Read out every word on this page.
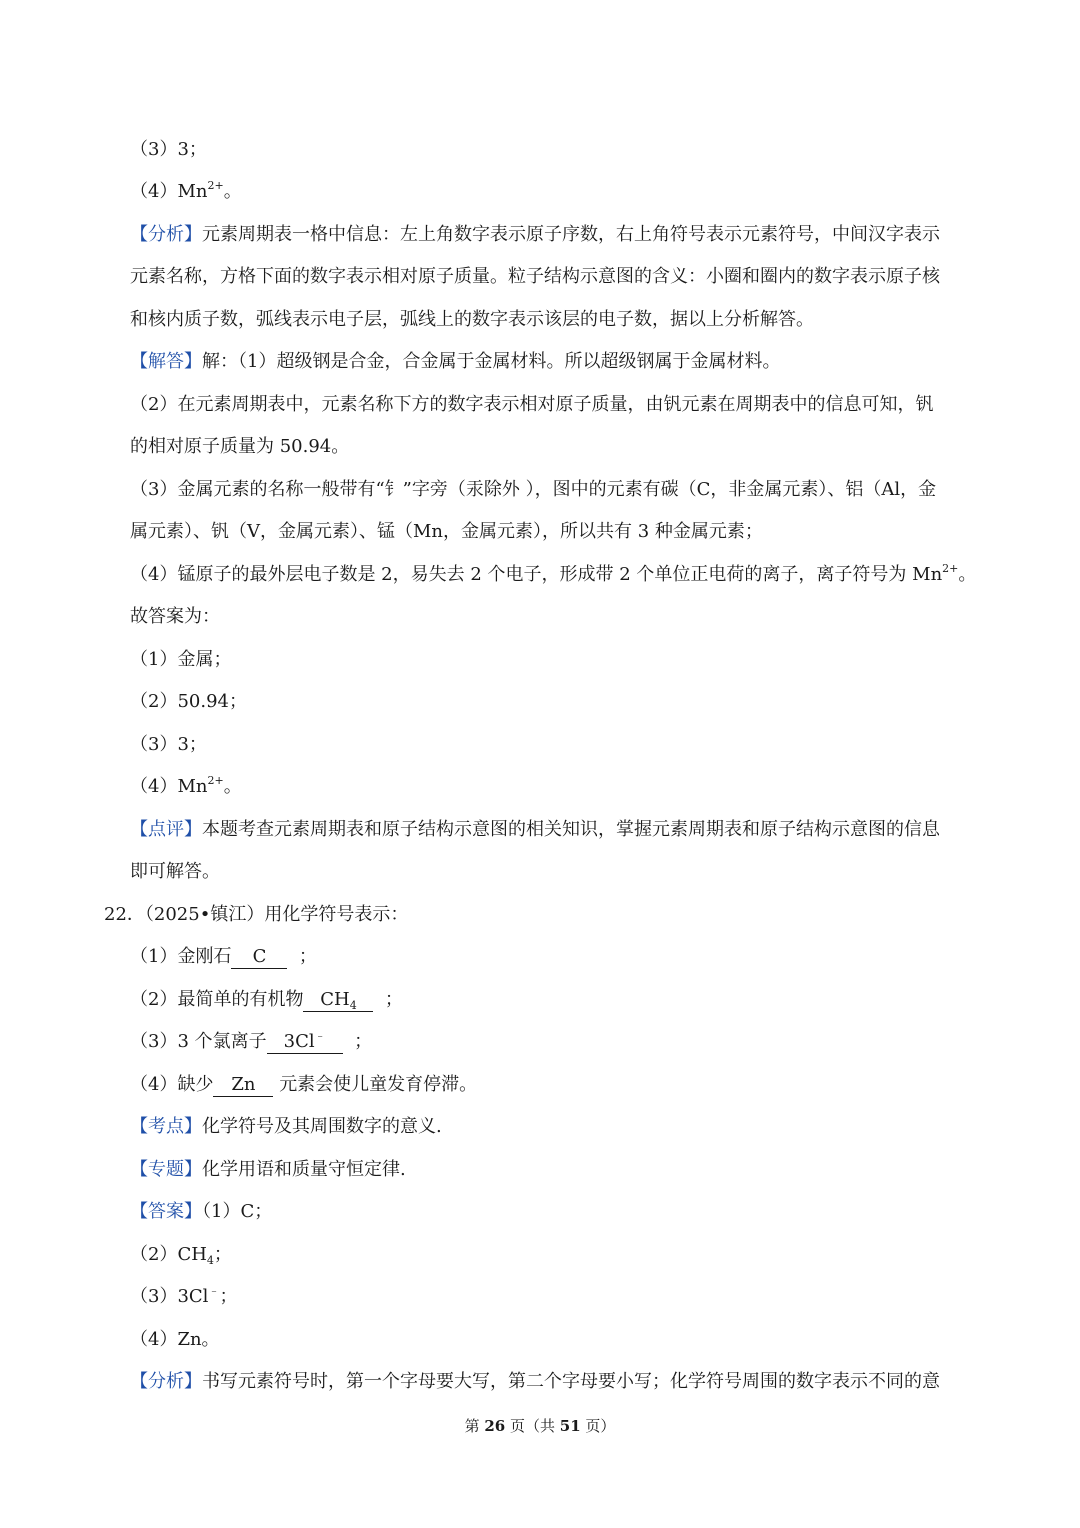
（3）3；
$(4)Mn^{2+}$。
【分析】元素周期表一格中信息：左上角数字表示原子序数，右上角符号表示元素符号，中间汉字表示
元素名称，方格下面的数字表示相对原子质量。粒子结构示意图的含义：小圈和圈内的数字表示原子核
和核内质子数，弧线表示电子层，弧线上的数字表示该层的电子数，据以上分析解答。
【解答】解：（1）超级钢是合金，合金属于金属材料。所以超级钢属于金属材料。
（2）在元素周期表中，元素名称下方的数字表示相对原子质量，由钒元素在周期表中的信息可知，钒
的相对原子质量为 50.94。
（3）金属元素的名称一般带有“钅”字旁（汞除外 ），图中的元素有碳（C，非金属元素）、铝（Al，金
属元素）、钒（V，金属元素）、锰（Mn，金属元素），所以共有 3 种金属元素；
（4）锰原子的最外层电子数是 2，易失去 2 个电子，形成带 2 个单位正电荷的离子，离子符号为 $Mn^{2+}$。
故答案为：
（1）金属；
（2）50.94；
（3）3；
$(4)Mn^{2+}$。
【点评】本题考查元素周期表和原子结构示意图的相关知识，掌握元素周期表和原子结构示意图的信息
即可解答。
22．（2025•镇江）用化学符号表示：
（1）金刚石 C ；
（2）最简单的有机物 $CH_4$ ；
（3）3 个氯离子 3Cl﹣ ；
（4）缺少 Zn 元素会使儿童发育停滞。
【考点】化学符号及其周围数字的意义.
【专题】化学用语和质量守恒定律.
【答案】（1）C；
$(2)CH_4$；
（3）3Cl﹣；
（4）Zn。
【分析】书写元素符号时，第一个字母要大写，第二个字母要小写；化学符号周围的数字表示不同的意
第 26 页（共 51 页）
